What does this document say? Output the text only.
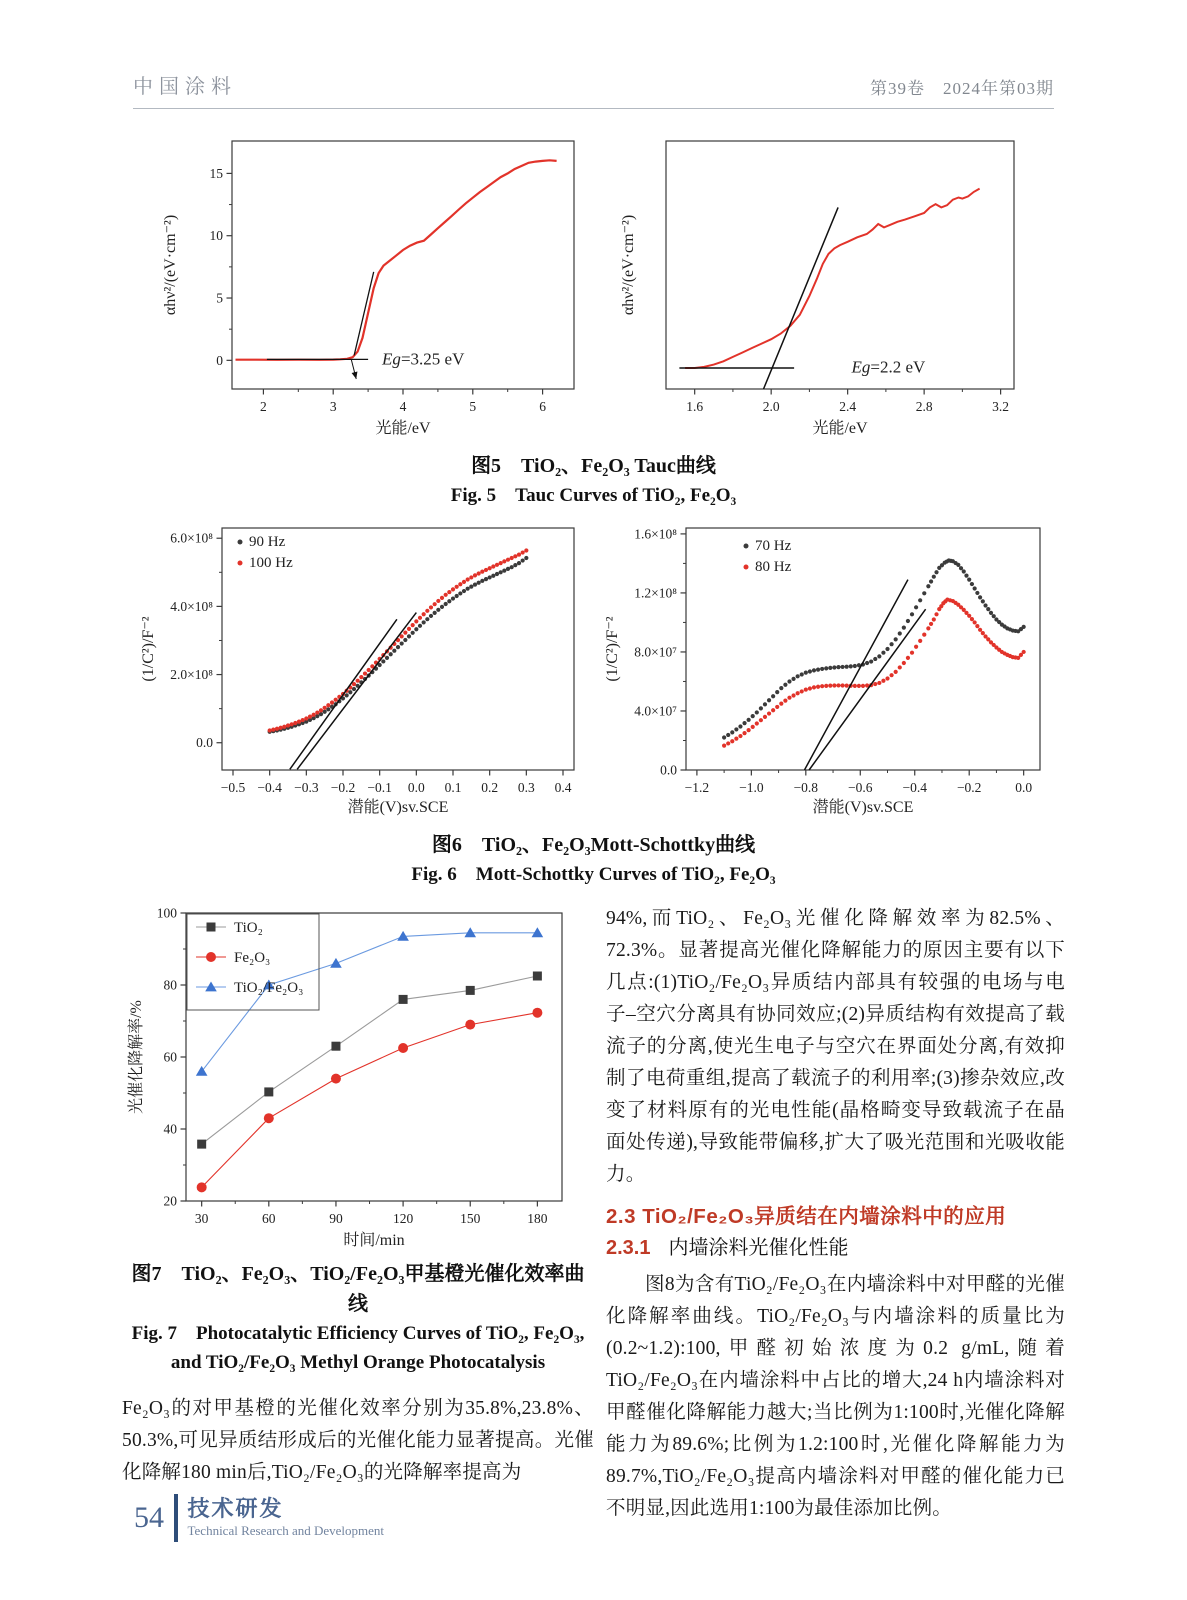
中国涂料	第39卷　2024年第03期
2	3	4	5	6
0
5
10
15
光能/eV
αhν²/(eV·cm⁻²)
Eg=3.25 eV
1.6	2.0	2.4	2.8	3.2
光能/eV
αhν²/(eV·cm⁻²)
Eg=2.2 eV
图5　TiO₂、Fe₂O₃ Tauc曲线
Fig. 5　Tauc Curves of TiO₂, Fe₂O₃
−0.5 −0.4 −0.3 −0.2 −0.1 0.0 0.1 0.2 0.3 0.4
0.0
2.0×10⁸
4.0×10⁸
6.0×10⁸
潜能(V)sv.SCE
(1/C²)/F⁻²
90 Hz
100 Hz
−1.2 −1.0 −0.8 −0.6 −0.4 −0.2	0.0
0.0
4.0×10⁷
8.0×10⁷
1.2×10⁸
1.6×10⁸
潜能(V)sv.SCE
(1/C²)/F⁻²
70 Hz
80 Hz
图6　TiO₂、Fe₂O₃Mott-Schottky曲线
Fig. 6　Mott-Schottky Curves of TiO₂, Fe₂O₃
30	60	90	120	150	180
20
40
60
80
100
时间/min
光催化降解率/%
TiO₂
Fe₂O₃
TiO₂/Fe₂O₃
图7　TiO₂、Fe₂O₃、TiO₂/Fe₂O₃甲基橙光催化效率曲线
Fig. 7　Photocatalytic Efficiency Curves of TiO₂, Fe₂O₃,
and TiO₂/Fe₂O₃ Methyl Orange Photocatalysis

Fe₂O₃的对甲基橙的光催化效率分别为35.8%,23.8%、50.3%,可见异质结形成后的光催化能力显著提高。光催化降解180 min后,TiO₂/Fe₂O₃的光降解率提高为

94%,而TiO₂、Fe₂O₃光催化降解效率为82.5%、72.3%。显著提高光催化降解能力的原因主要有以下几点:(1)TiO₂/Fe₂O₃异质结内部具有较强的电场与电子–空穴分离具有协同效应;(2)异质结构有效提高了载流子的分离,使光生电子与空穴在界面处分离,有效抑制了电荷重组,提高了载流子的利用率;(3)掺杂效应,改变了材料原有的光电性能(晶格畸变导致载流子在晶面处传递),导致能带偏移,扩大了吸光范围和光吸收能力。

2.3 TiO₂/Fe₂O₃异质结在内墙涂料中的应用
2.3.1 内墙涂料光催化性能

图8为含有TiO₂/Fe₂O₃在内墙涂料中对甲醛的光催化降解率曲线。TiO₂/Fe₂O₃与内墙涂料的质量比为(0.2~1.2):100,甲醛初始浓度为0.2 g/mL,随着TiO₂/Fe₂O₃在内墙涂料中占比的增大,24 h内墙涂料对甲醛催化降解能力越大;当比例为1:100时,光催化降解能力为89.6%;比例为1.2:100时,光催化降解能力为89.7%,TiO₂/Fe₂O₃提高内墙涂料对甲醛的催化能力已不明显,因此选用1:100为最佳添加比例。

54 技术研发
Technical Research and Development
